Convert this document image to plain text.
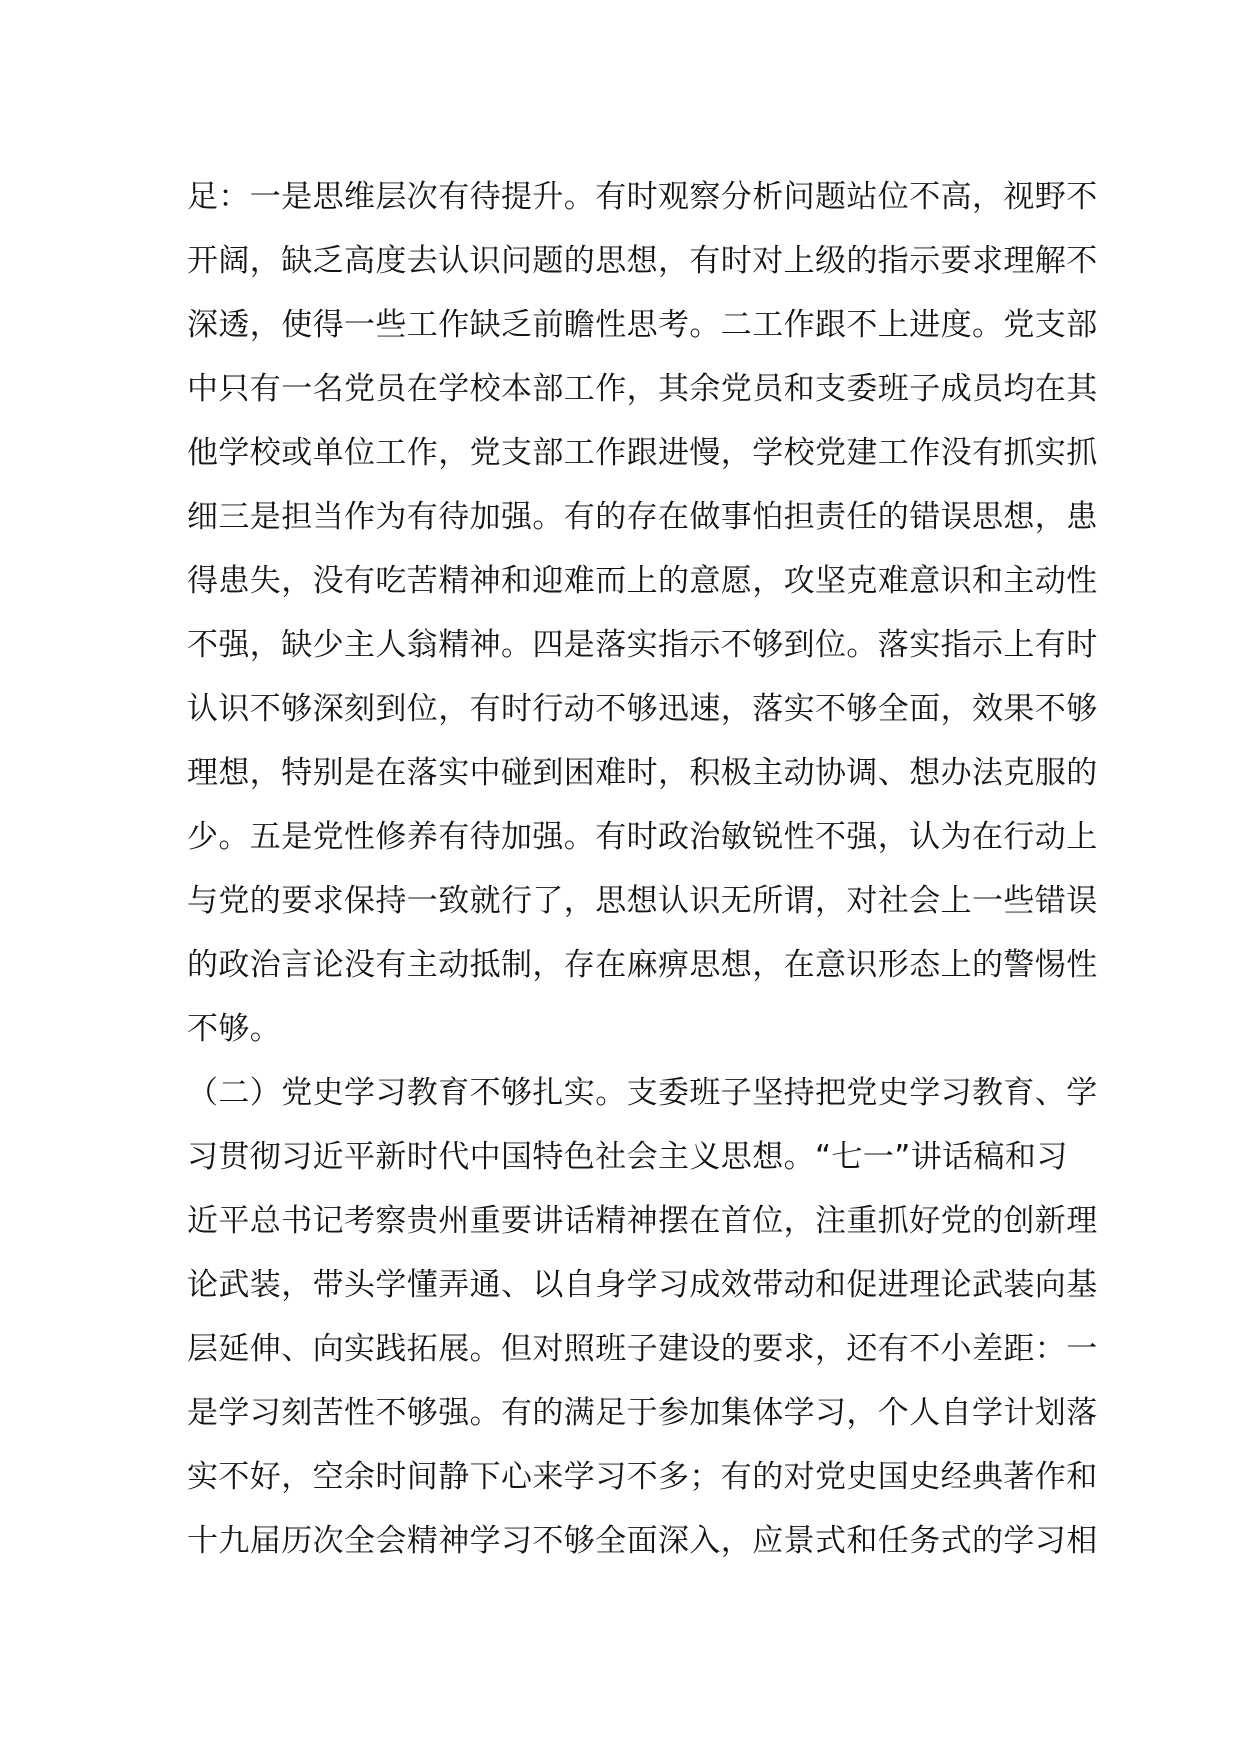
足：一是思维层次有待提升。有时观察分析问题站位不高，视野不
开阔，缺乏高度去认识问题的思想，有时对上级的指示要求理解不
深透，使得一些工作缺乏前瞻性思考。二工作跟不上进度。党支部
中只有一名党员在学校本部工作，其余党员和支委班子成员均在其
他学校或单位工作，党支部工作跟进慢，学校党建工作没有抓实抓
细三是担当作为有待加强。有的存在做事怕担责任的错误思想，患
得患失，没有吃苦精神和迎难而上的意愿，攻坚克难意识和主动性
不强，缺少主人翁精神。四是落实指示不够到位。落实指示上有时
认识不够深刻到位，有时行动不够迅速，落实不够全面，效果不够
理想，特别是在落实中碰到困难时，积极主动协调、想办法克服的
少。五是党性修养有待加强。有时政治敏锐性不强，认为在行动上
与党的要求保持一致就行了，思想认识无所谓，对社会上一些错误
的政治言论没有主动抵制，存在麻痹思想，在意识形态上的警惕性
不够。
（二）党史学习教育不够扎实。支委班子坚持把党史学习教育、学
习贯彻习近平新时代中国特色社会主义思想。“七一”讲话稿和习
近平总书记考察贵州重要讲话精神摆在首位，注重抓好党的创新理
论武装，带头学懂弄通、以自身学习成效带动和促进理论武装向基
层延伸、向实践拓展。但对照班子建设的要求，还有不小差距：一
是学习刻苦性不够强。有的满足于参加集体学习，个人自学计划落
实不好，空余时间静下心来学习不多；有的对党史国史经典著作和
十九届历次全会精神学习不够全面深入，应景式和任务式的学习相
